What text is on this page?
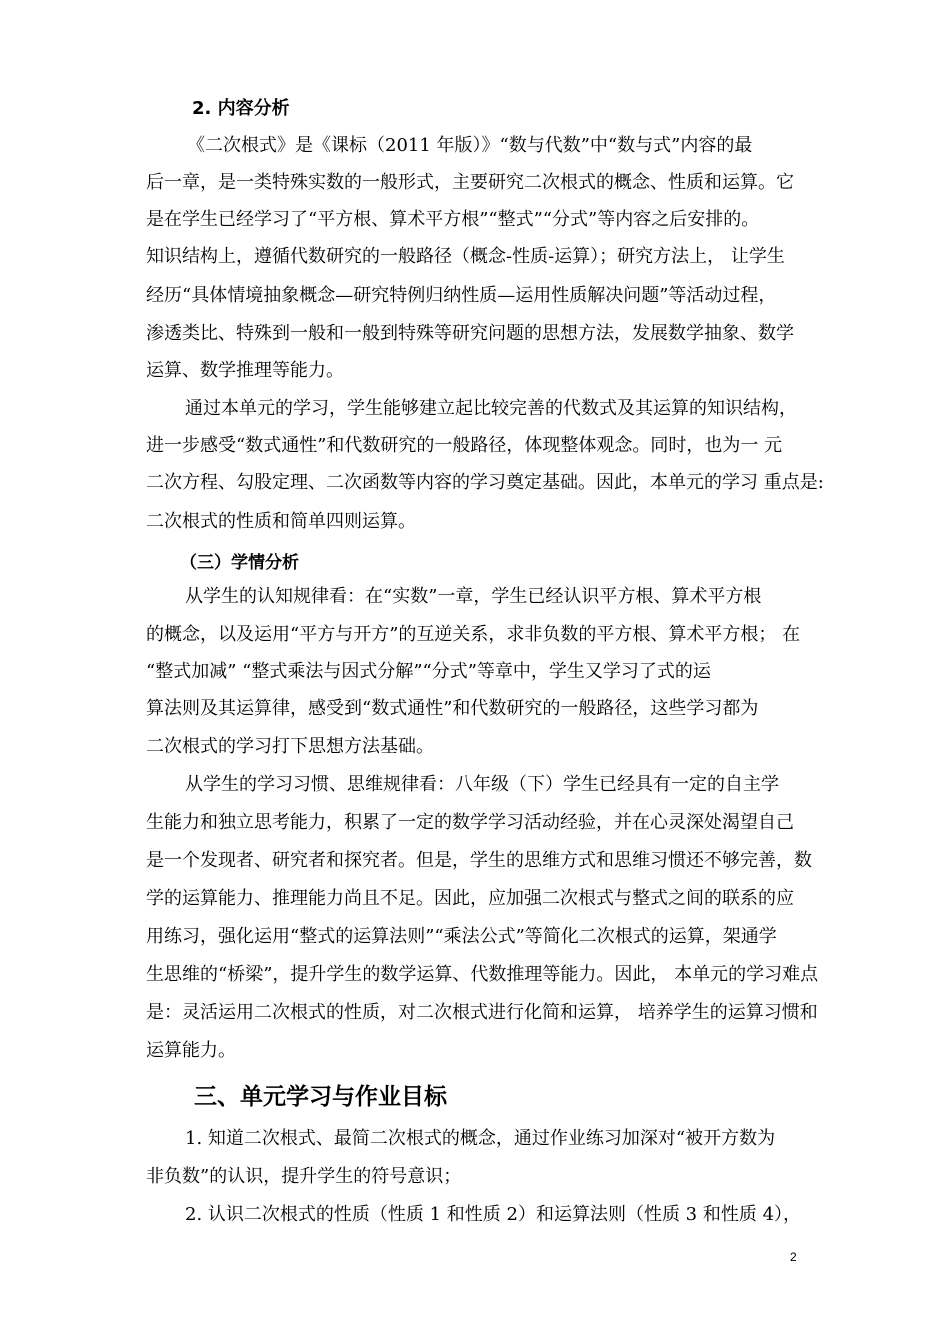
2. 内容分析
《二次根式》是《课标（2011 年版）》“数与代数”中“数与式”内容的最
后一章，是一类特殊实数的一般形式，主要研究二次根式的概念、性质和运算。它
是在学生已经学习了“平方根、算术平方根”“整式”“分式”等内容之后安排的。
知识结构上，遵循代数研究的一般路径（概念-性质-运算）；研究方法上， 让学生
经历“具体情境抽象概念—研究特例归纳性质—运用性质解决问题”等活动过程，
渗透类比、特殊到一般和一般到特殊等研究问题的思想方法，发展数学抽象、数学
运算、数学推理等能力。
通过本单元的学习，学生能够建立起比较完善的代数式及其运算的知识结构，
进一步感受“数式通性”和代数研究的一般路径，体现整体观念。同时，也为一 元
二次方程、勾股定理、二次函数等内容的学习奠定基础。因此，本单元的学习 重点是:
二次根式的性质和简单四则运算。
（三）学情分析
从学生的认知规律看：在“实数”一章，学生已经认识平方根、算术平方根
的概念，以及运用“平方与开方”的互逆关系，求非负数的平方根、算术平方根； 在
“整式加减” “整式乘法与因式分解”“分式”等章中，学生又学习了式的运
算法则及其运算律，感受到“数式通性”和代数研究的一般路径，这些学习都为
二次根式的学习打下思想方法基础。
从学生的学习习惯、思维规律看：八年级（下）学生已经具有一定的自主学
生能力和独立思考能力，积累了一定的数学学习活动经验，并在心灵深处渴望自己
是一个发现者、研究者和探究者。但是，学生的思维方式和思维习惯还不够完善，数
学的运算能力、推理能力尚且不足。因此，应加强二次根式与整式之间的联系的应
用练习，强化运用“整式的运算法则”“乘法公式”等简化二次根式的运算，架通学
生思维的“桥梁”，提升学生的数学运算、代数推理等能力。因此， 本单元的学习难点
是：灵活运用二次根式的性质，对二次根式进行化简和运算， 培养学生的运算习惯和
运算能力。
三、单元学习与作业目标
1. 知道二次根式、最简二次根式的概念，通过作业练习加深对“被开方数为
非负数”的认识，提升学生的符号意识；
2. 认识二次根式的性质（性质 1 和性质 2）和运算法则（性质 3 和性质 4），
2
